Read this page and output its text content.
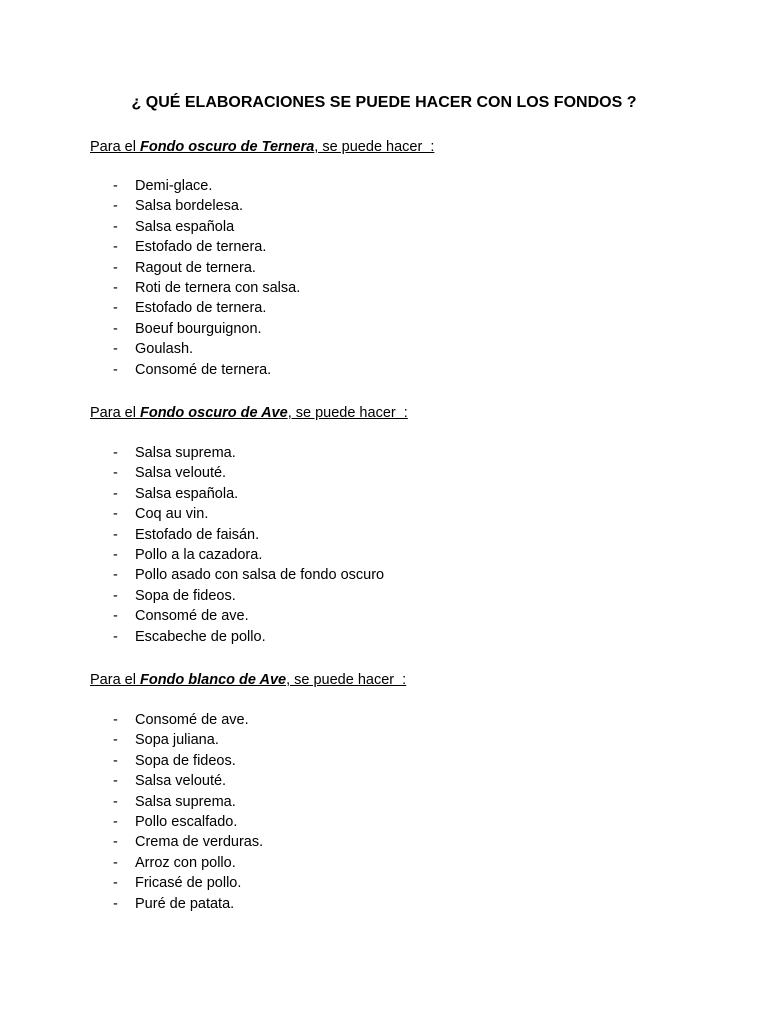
¿ QUÉ ELABORACIONES SE PUEDE HACER CON LOS FONDOS ?
Para el Fondo oscuro de Ternera, se puede hacer  :
- Demi-glace.
- Salsa bordelesa.
- Salsa española
- Estofado de ternera.
- Ragout de ternera.
- Roti de ternera con salsa.
- Estofado de ternera.
- Boeuf bourguignon.
- Goulash.
- Consomé de ternera.
Para el Fondo oscuro de Ave, se puede hacer  :
- Salsa suprema.
- Salsa velouté.
- Salsa española.
- Coq au vin.
- Estofado de faisán.
- Pollo a la cazadora.
- Pollo asado con salsa de fondo oscuro
- Sopa de fideos.
- Consomé de ave.
- Escabeche de pollo.
Para el Fondo blanco de Ave, se puede hacer  :
- Consomé de ave.
- Sopa juliana.
- Sopa de fideos.
- Salsa velouté.
- Salsa suprema.
- Pollo escalfado.
- Crema de verduras.
- Arroz con pollo.
- Fricasé de pollo.
- Puré de patata.
